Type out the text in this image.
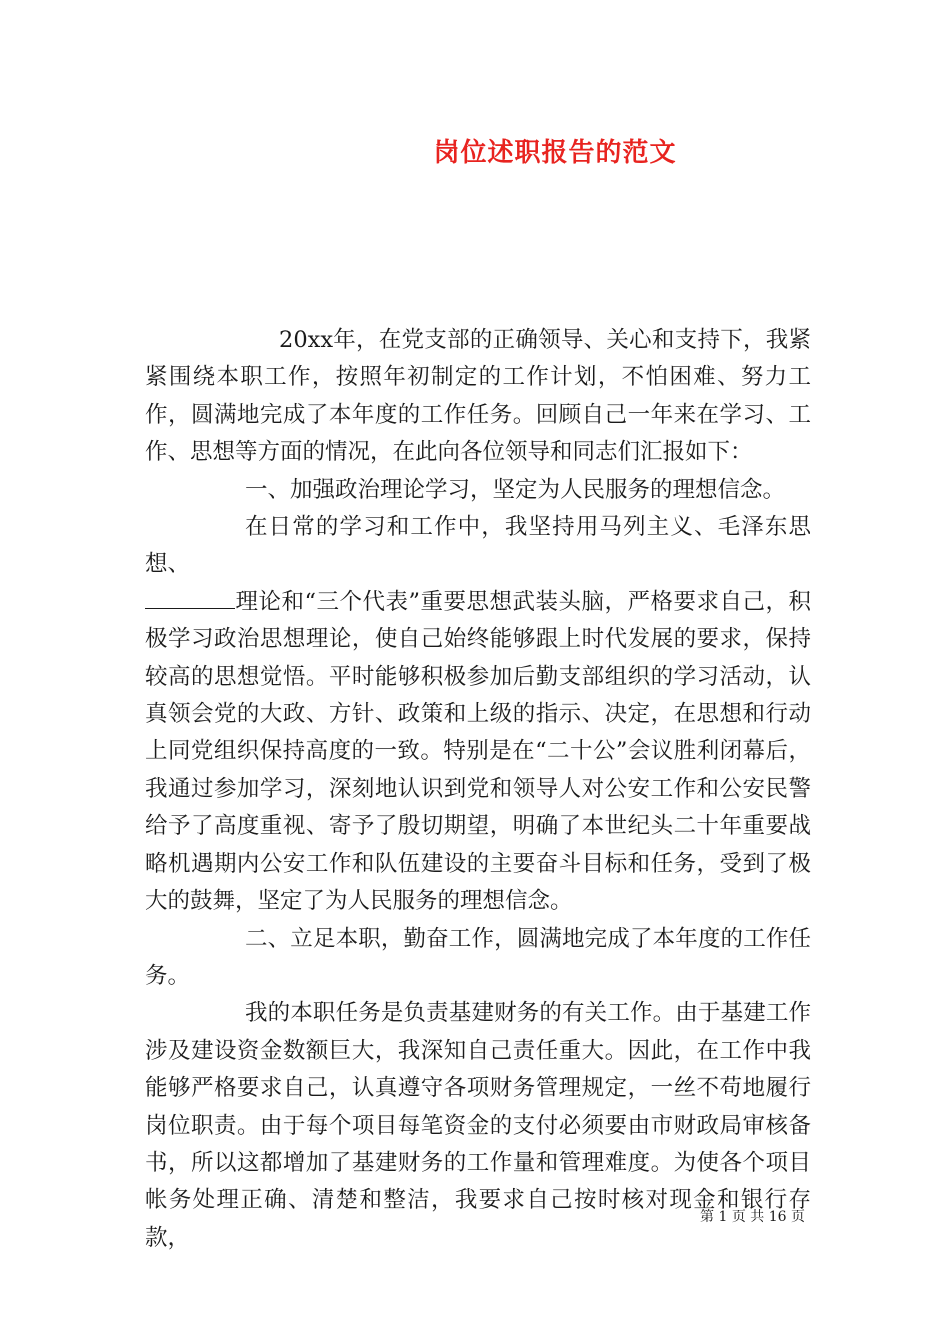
岗位述职报告的范文

20xx年，在党支部的正确领导、关心和支持下，我紧紧围绕本职工作，按照年初制定的工作计划，不怕困难、努力工作，圆满地完成了本年度的工作任务。回顾自己一年来在学习、工作、思想等方面的情况，在此向各位领导和同志们汇报如下：

一、加强政治理论学习，坚定为人民服务的理想信念。

在日常的学习和工作中，我坚持用马列主义、毛泽东思想、

理论和“三个代表”重要思想武装头脑，严格要求自己，积极学习政治思想理论，使自己始终能够跟上时代发展的要求，保持较高的思想觉悟。平时能够积极参加后勤支部组织的学习活动，认真领会党的大政、方针、政策和上级的指示、决定，在思想和行动上同党组织保持高度的一致。特别是在“二十公”会议胜利闭幕后，我通过参加学习，深刻地认识到党和领导人对公安工作和公安民警给予了高度重视、寄予了殷切期望，明确了本世纪头二十年重要战略机遇期内公安工作和队伍建设的主要奋斗目标和任务，受到了极大的鼓舞，坚定了为人民服务的理想信念。

二、立足本职，勤奋工作，圆满地完成了本年度的工作任务。

我的本职任务是负责基建财务的有关工作。由于基建工作涉及建设资金数额巨大，我深知自己责任重大。因此，在工作中我能够严格要求自己，认真遵守各项财务管理规定，一丝不苟地履行岗位职责。由于每个项目每笔资金的支付必须要由市财政局审核备书，所以这都增加了基建财务的工作量和管理难度。为使各个项目帐务处理正确、清楚和整洁，我要求自己按时核对现金和银行存款，

第 1 页 共 16 页
